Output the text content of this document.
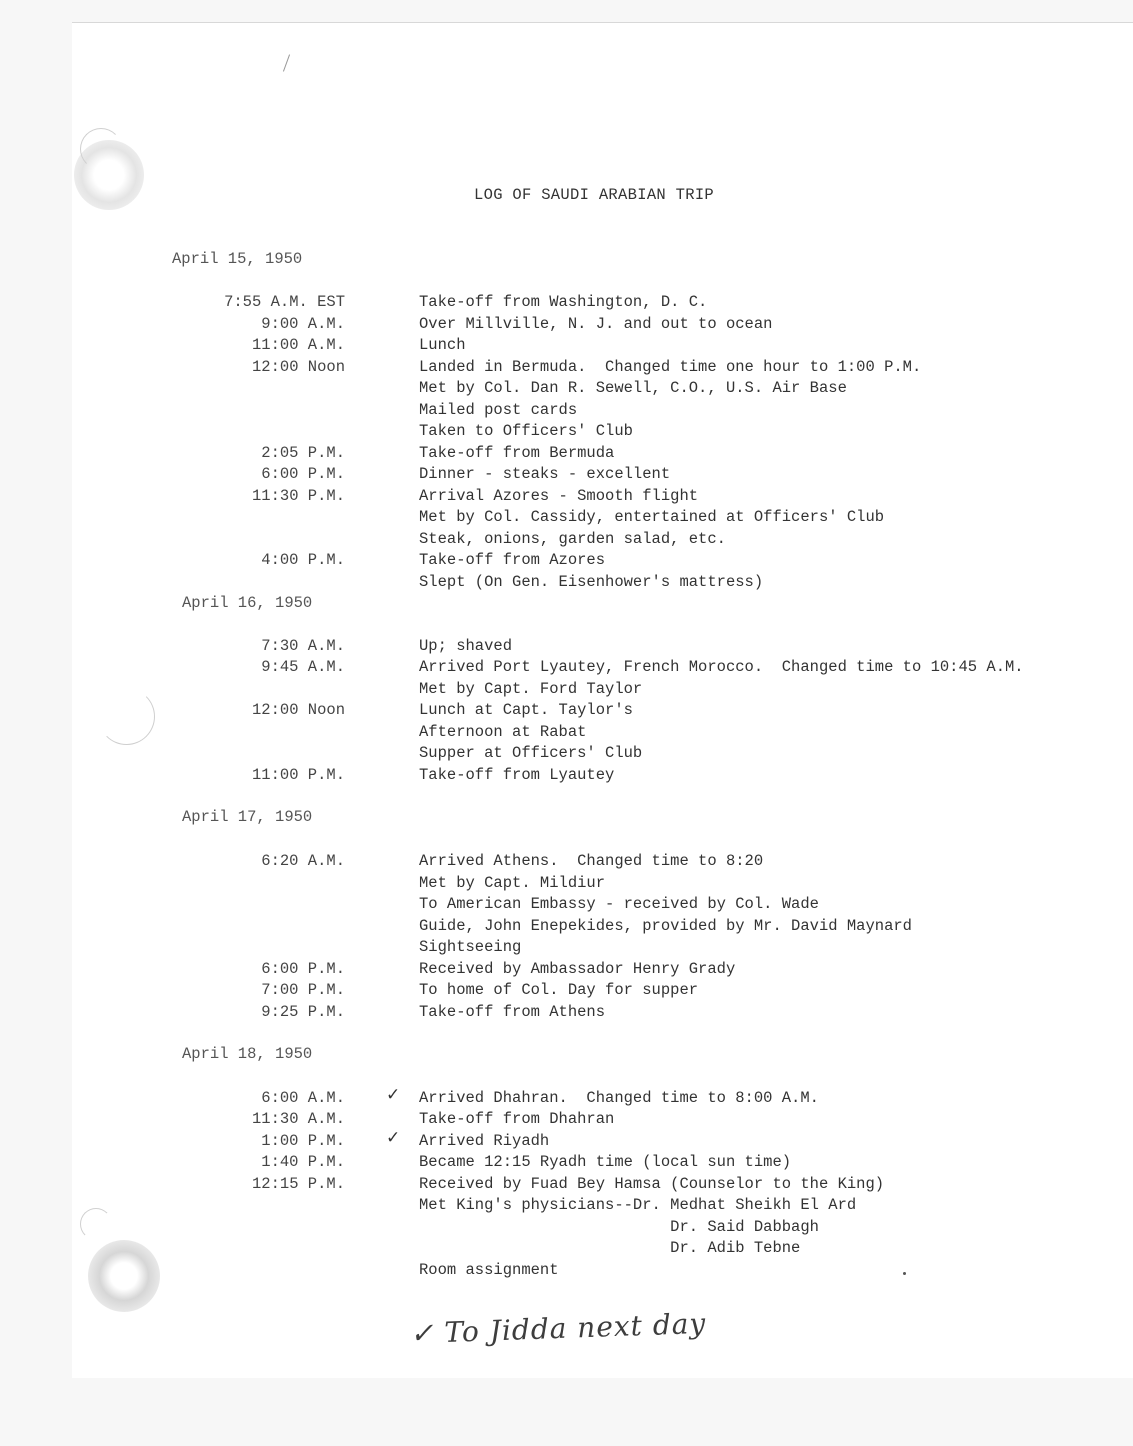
LOG OF SAUDI ARABIAN TRIP
April 15, 1950
7:55 A.M. EST	Take-off from Washington, D. C.
9:00 A.M.	Over Millville, N. J. and out to ocean
11:00 A.M.	Lunch
12:00 Noon	Landed in Bermuda.  Changed time one hour to 1:00 P.M.
Met by Col. Dan R. Sewell, C.O., U.S. Air Base
Mailed post cards
Taken to Officers' Club
2:05 P.M.	Take-off from Bermuda
6:00 P.M.	Dinner - steaks - excellent
11:30 P.M.	Arrival Azores - Smooth flight
Met by Col. Cassidy, entertained at Officers' Club
Steak, onions, garden salad, etc.
4:00 P.M.	Take-off from Azores
Slept (On Gen. Eisenhower's mattress)
April 16, 1950
7:30 A.M.	Up; shaved
9:45 A.M.	Arrived Port Lyautey, French Morocco.  Changed time to 10:45 A.M.
Met by Capt. Ford Taylor
12:00 Noon	Lunch at Capt. Taylor's
Afternoon at Rabat
Supper at Officers' Club
11:00 P.M.	Take-off from Lyautey
April 17, 1950
6:20 A.M.	Arrived Athens.  Changed time to 8:20
Met by Capt. Mildiur
To American Embassy - received by Col. Wade
Guide, John Enepekides, provided by Mr. David Maynard
Sightseeing
6:00 P.M.	Received by Ambassador Henry Grady
7:00 P.M.	To home of Col. Day for supper
9:25 P.M.	Take-off from Athens
April 18, 1950
6:00 A.M. ✓ Arrived Dhahran.  Changed time to 8:00 A.M.
11:30 A.M.	Take-off from Dhahran
1:00 P.M. ✓ Arrived Riyadh
1:40 P.M.	Became 12:15 Ryadh time (local sun time)
12:15 P.M.	Received by Fuad Bey Hamsa (Counselor to the King)
Met King's physicians--Dr. Medhat Sheikh El Ard
Dr. Said Dabbagh
Dr. Adib Tebne
Room assignment
✓ To Jidda next day
